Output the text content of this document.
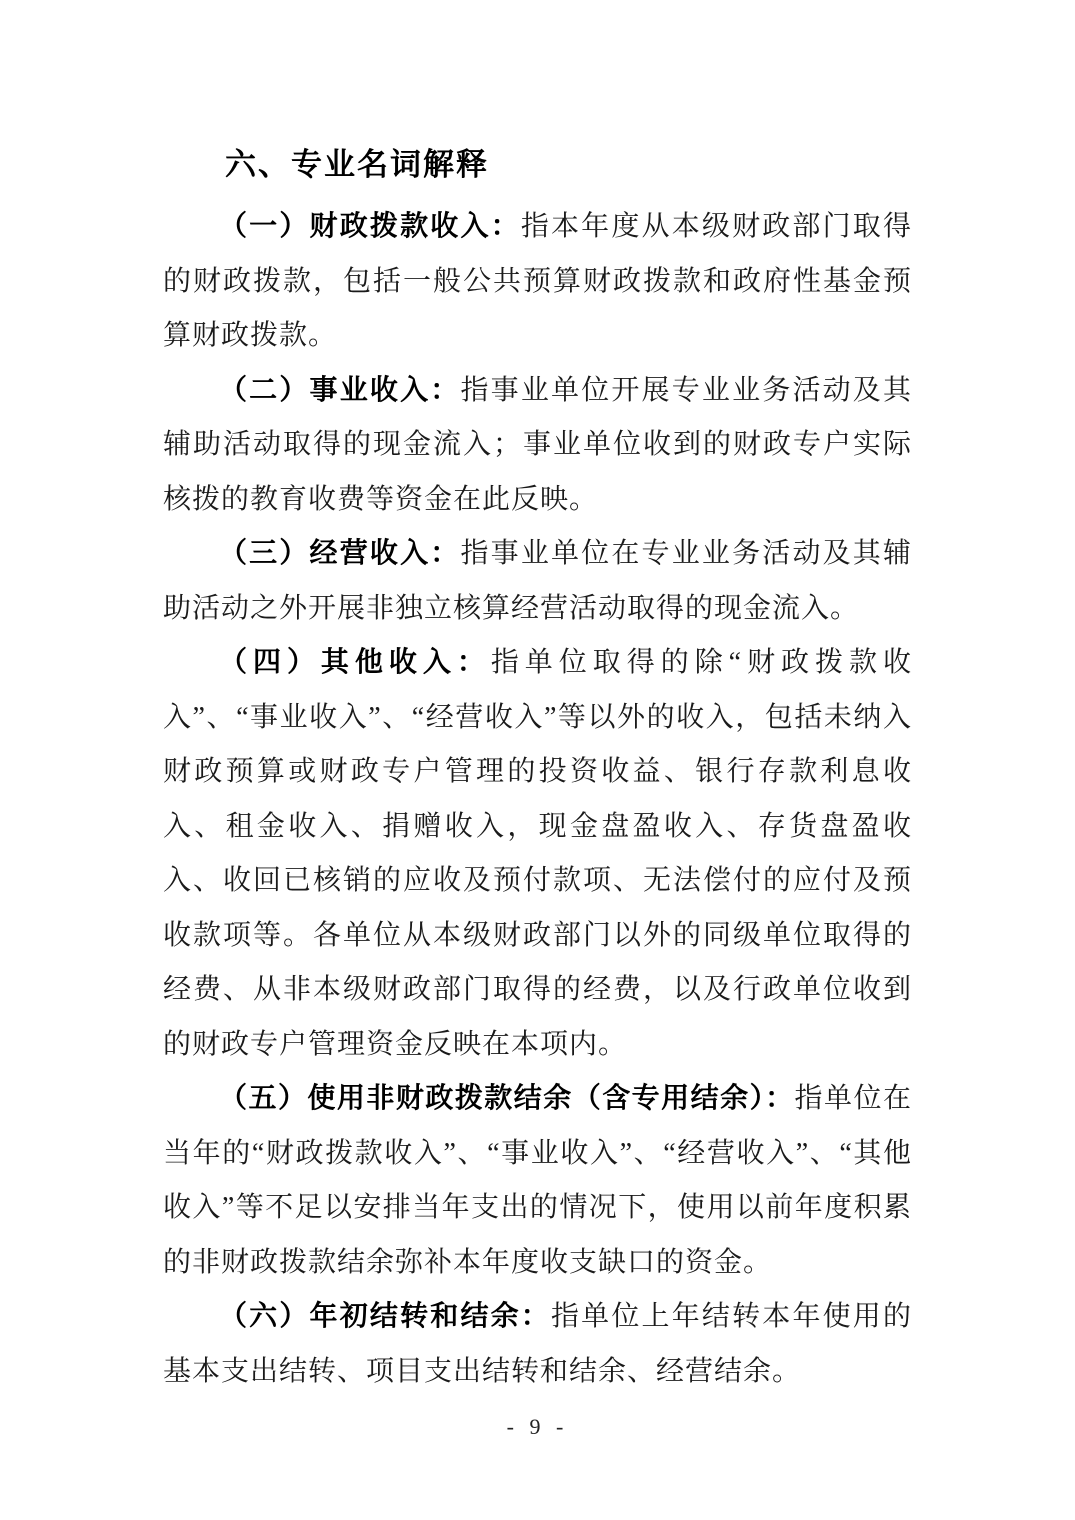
六、专业名词解释

（一）财政拨款收入：指本年度从本级财政部门取得的财政拨款，包括一般公共预算财政拨款和政府性基金预算财政拨款。

（二）事业收入：指事业单位开展专业业务活动及其辅助活动取得的现金流入；事业单位收到的财政专户实际核拨的教育收费等资金在此反映。

（三）经营收入：指事业单位在专业业务活动及其辅助活动之外开展非独立核算经营活动取得的现金流入。

（四）其他收入：指单位取得的除“财政拨款收入”、“事业收入”、“经营收入”等以外的收入，包括未纳入财政预算或财政专户管理的投资收益、银行存款利息收入、租金收入、捐赠收入，现金盘盈收入、存货盘盈收入、收回已核销的应收及预付款项、无法偿付的应付及预收款项等。各单位从本级财政部门以外的同级单位取得的经费、从非本级财政部门取得的经费，以及行政单位收到的财政专户管理资金反映在本项内。

（五）使用非财政拨款结余（含专用结余）：指单位在当年的“财政拨款收入”、“事业收入”、“经营收入”、“其他收入”等不足以安排当年支出的情况下，使用以前年度积累的非财政拨款结余弥补本年度收支缺口的资金。

（六）年初结转和结余：指单位上年结转本年使用的基本支出结转、项目支出结转和结余、经营结余。

- 9 -
